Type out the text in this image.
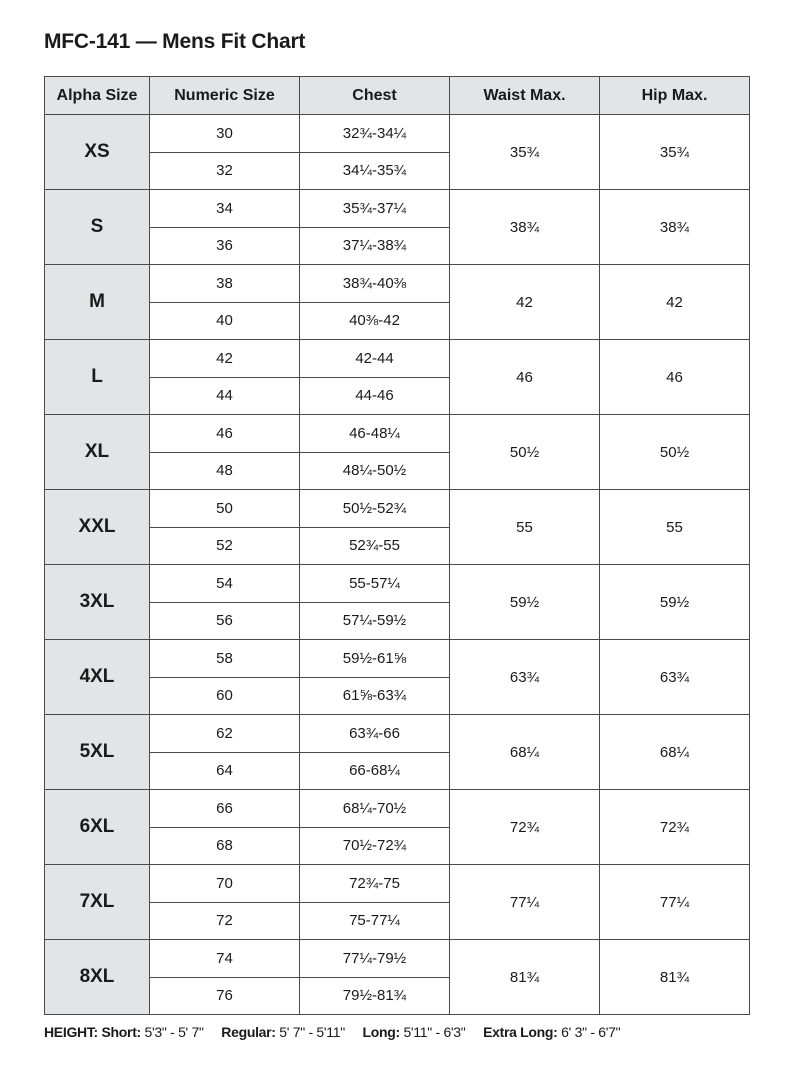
MFC-141 — Mens Fit Chart
Alpha Size	Numeric Size	Chest	Waist Max.	Hip Max.
XS	30	32¾-34¼	35¾	35¾
	32	34¼-35¾		
S	34	35¾-37¼	38¾	38¾
	36	37¼-38¾		
M	38	38¾-40⅜	42	42
	40	40⅜-42		
L	42	42-44	46	46
	44	44-46		
XL	46	46-48¼	50½	50½
	48	48¼-50½		
XXL	50	50½-52¾	55	55
	52	52¾-55		
3XL	54	55-57¼	59½	59½
	56	57¼-59½		
4XL	58	59½-61⅝	63¾	63¾
	60	61⅝-63¾		
5XL	62	63¾-66	68¼	68¼
	64	66-68¼		
6XL	66	68¼-70½	72¾	72¾
	68	70½-72¾		
7XL	70	72¾-75	77¼	77¼
	72	75-77¼		
8XL	74	77¼-79½	81¾	81¾
	76	79½-81¾		
HEIGHT: Short: 5'3" - 5' 7" Regular: 5' 7" - 5'11" Long: 5'11" - 6'3" Extra Long: 6' 3" - 6'7"
